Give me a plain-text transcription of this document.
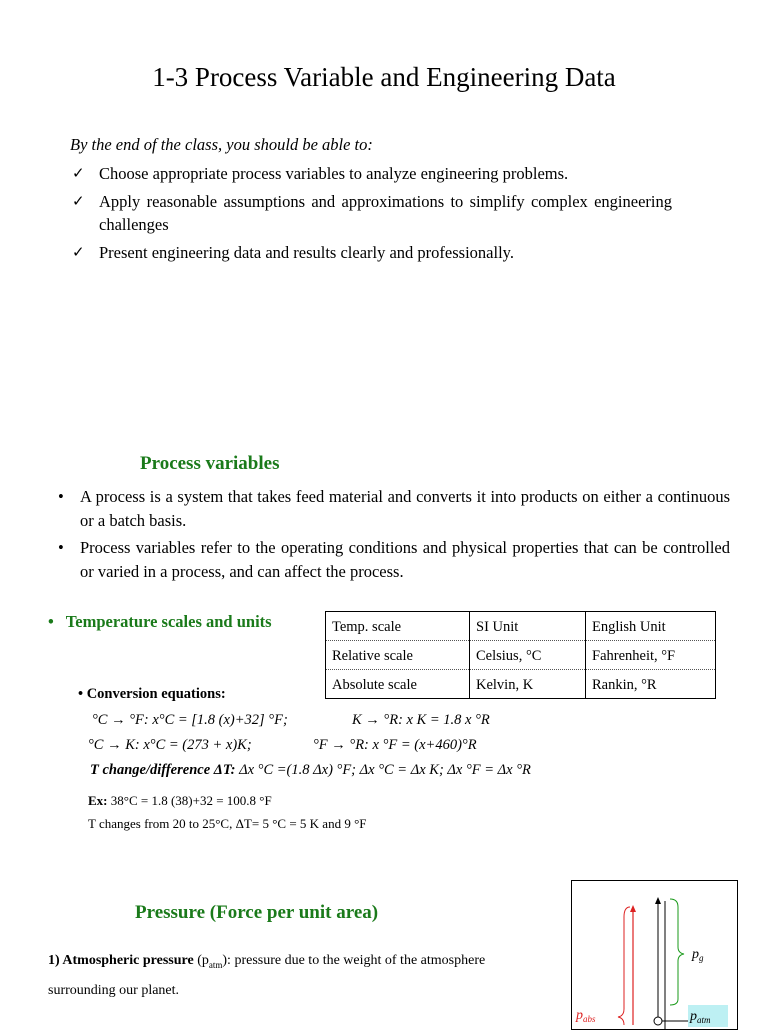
1-3 Process Variable and Engineering Data
By the end of the class, you should be able to:
✓ Choose appropriate process variables to analyze engineering problems.
✓ Apply reasonable assumptions and approximations to simplify complex engineering challenges
✓ Present engineering data and results clearly and professionally.
Process variables
• A process is a system that takes feed material and converts it into products on either a continuous or a batch basis.
• Process variables refer to the operating conditions and physical properties that can be controlled or varied in a process, and can affect the process.
• Temperature scales and units	Temp. scale	SI Unit	English Unit
Relative scale	Celsius, °C	Fahrenheit, °F
Absolute scale	Kelvin, K	Rankin, °R
• Conversion equations:
°C → °F: x°C = [1.8 (x)+32] °F;	K → °R: x K = 1.8 x °R
°C → K: x°C = (273 + x)K;	°F → °R: x °F = (x+460)°R
T change/difference ΔT: Δx °C =(1.8 Δx) °F; Δx °C = Δx K; Δx °F = Δx °R
Ex: 38°C = 1.8 (38)+32 = 100.8 °F
T changes from 20 to 25°C, ΔT= 5 °C = 5 K and 9 °F
Pressure (Force per unit area)
1) Atmospheric pressure $(p_{atm})$: pressure due to the weight of the atmosphere surrounding our planet.
$p_g$
$p_{atm}$
$p_{abs}$
